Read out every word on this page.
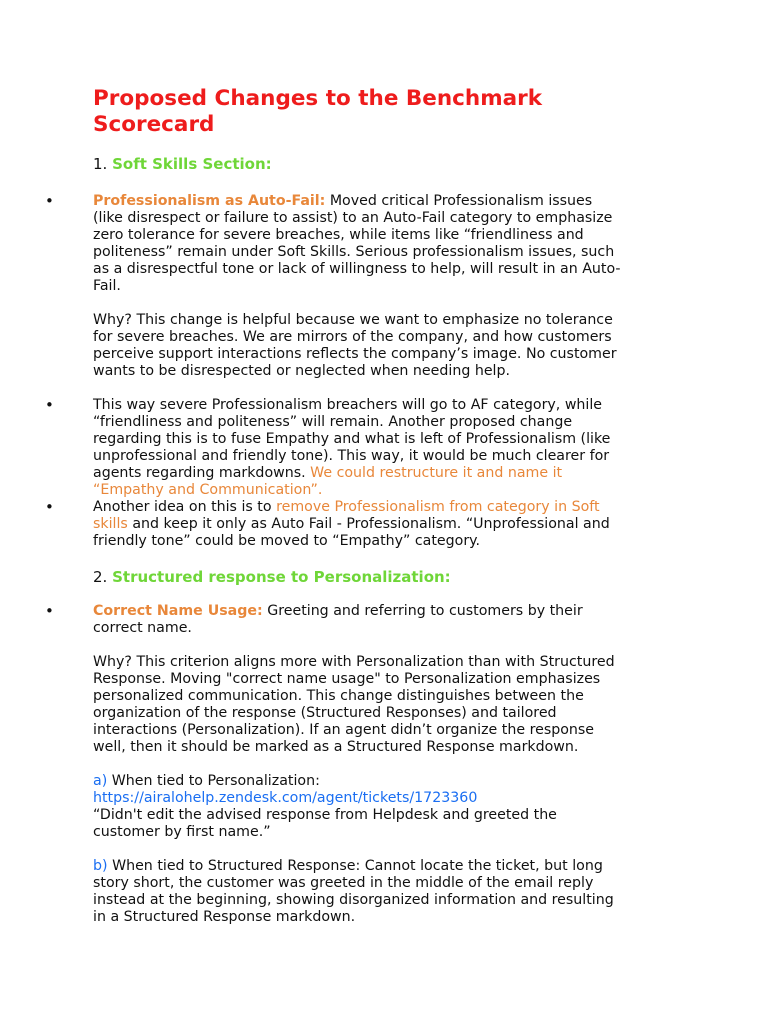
Proposed Changes to the Benchmark Scorecard

1. Soft Skills Section:

•	Professionalism as Auto-Fail: Moved critical Professionalism issues
(like disrespect or failure to assist) to an Auto-Fail category to emphasize
zero tolerance for severe breaches, while items like “friendliness and
politeness” remain under Soft Skills. Serious professionalism issues, such
as a disrespectful tone or lack of willingness to help, will result in an Auto-
Fail.

Why? This change is helpful because we want to emphasize no tolerance
for severe breaches. We are mirrors of the company, and how customers
perceive support interactions reflects the company’s image. No customer
wants to be disrespected or neglected when needing help.

•	This way severe Professionalism breachers will go to AF category, while
“friendliness and politeness” will remain. Another proposed change
regarding this is to fuse Empathy and what is left of Professionalism (like
unprofessional and friendly tone). This way, it would be much clearer for
agents regarding markdowns. We could restructure it and name it
“Empathy and Communication”.

•	Another idea on this is to remove Professionalism from category in Soft
skills and keep it only as Auto Fail - Professionalism. “Unprofessional and
friendly tone” could be moved to “Empathy” category.

2. Structured response to Personalization:

•	Correct Name Usage: Greeting and referring to customers by their
correct name.

Why? This criterion aligns more with Personalization than with Structured
Response. Moving "correct name usage" to Personalization emphasizes
personalized communication. This change distinguishes between the
organization of the response (Structured Responses) and tailored
interactions (Personalization). If an agent didn’t organize the response
well, then it should be marked as a Structured Response markdown.

a) When tied to Personalization:
https://airalohelp.zendesk.com/agent/tickets/1723360
“Didn't edit the advised response from Helpdesk and greeted the
customer by first name.”

b) When tied to Structured Response: Cannot locate the ticket, but long
story short, the customer was greeted in the middle of the email reply
instead at the beginning, showing disorganized information and resulting
in a Structured Response markdown.
